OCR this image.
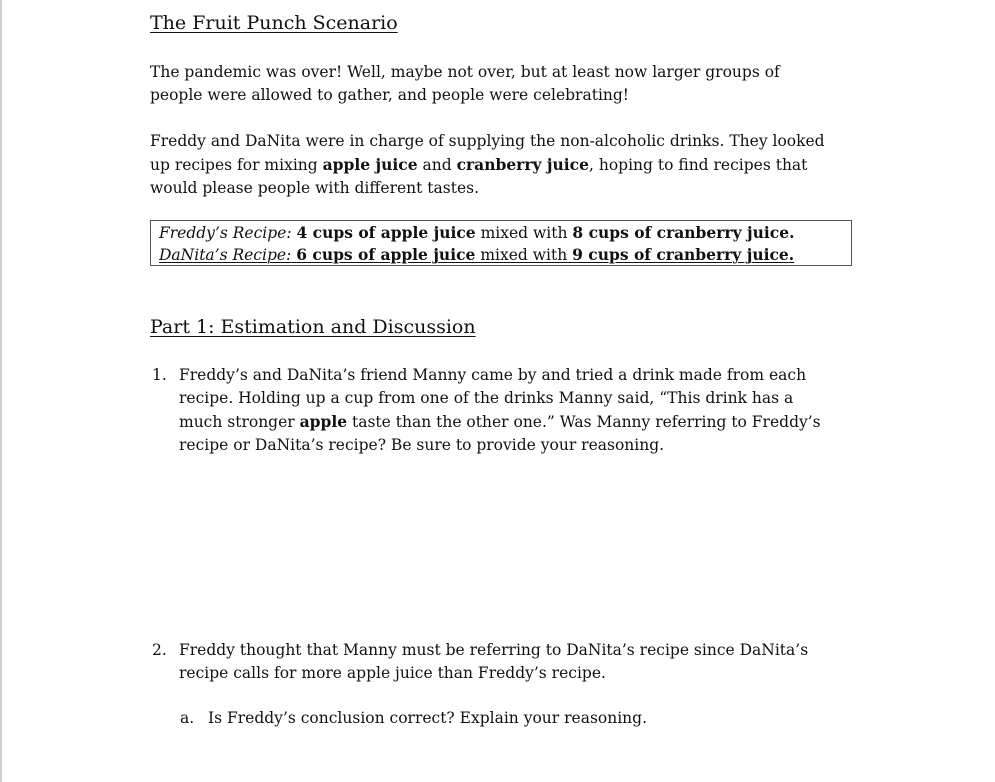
The Fruit Punch Scenario

The pandemic was over! Well, maybe not over, but at least now larger groups of people were allowed to gather, and people were celebrating!

Freddy and DaNita were in charge of supplying the non-alcoholic drinks. They looked up recipes for mixing apple juice and cranberry juice, hoping to find recipes that would please people with different tastes.

Freddy’s Recipe: 4 cups of apple juice mixed with 8 cups of cranberry juice.
DaNita’s Recipe: 6 cups of apple juice mixed with 9 cups of cranberry juice.
Part 1: Estimation and Discussion
1. Freddy’s and DaNita’s friend Manny came by and tried a drink made from each recipe. Holding up a cup from one of the drinks Manny said, “This drink has a much stronger apple taste than the other one.” Was Manny referring to Freddy’s recipe or DaNita’s recipe? Be sure to provide your reasoning.
2. Freddy thought that Manny must be referring to DaNita’s recipe since DaNita’s recipe calls for more apple juice than Freddy’s recipe.
a. Is Freddy’s conclusion correct? Explain your reasoning.
